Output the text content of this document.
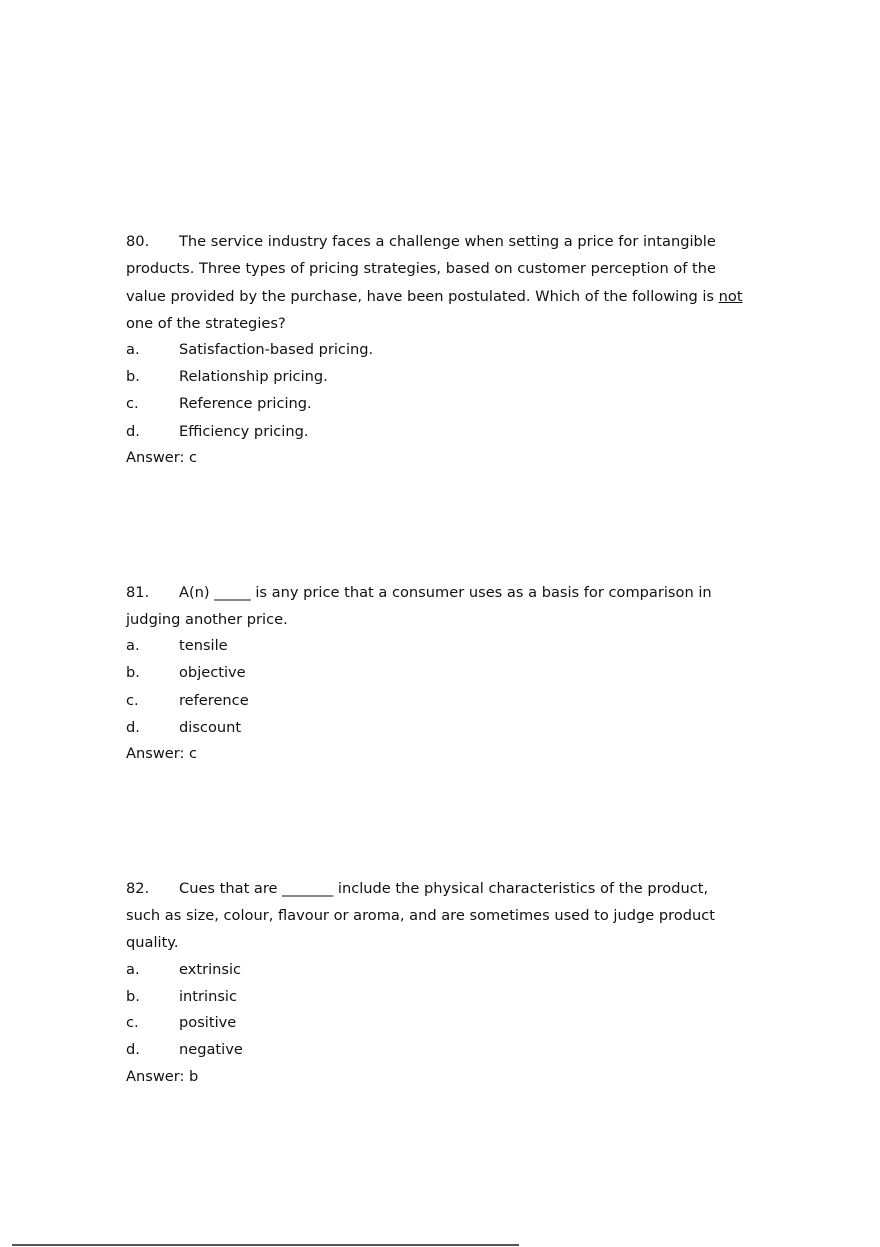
80. The service industry faces a challenge when setting a price for intangible
products. Three types of pricing strategies, based on customer perception of the
value provided by the purchase, have been postulated. Which of the following is not
one of the strategies?
a.	Satisfaction-based pricing.
b.	Relationship pricing.
c.	Reference pricing.
d.	Efficiency pricing.
Answer: c
81. A(n) _____ is any price that a consumer uses as a basis for comparison in
judging another price.
a.	tensile
b.	objective
c.	reference
d.	discount
Answer: c
82. Cues that are _______ include the physical characteristics of the product,
such as size, colour, flavour or aroma, and are sometimes used to judge product
quality.
a.	extrinsic
b.	intrinsic
c.	positive
d.	negative
Answer: b
